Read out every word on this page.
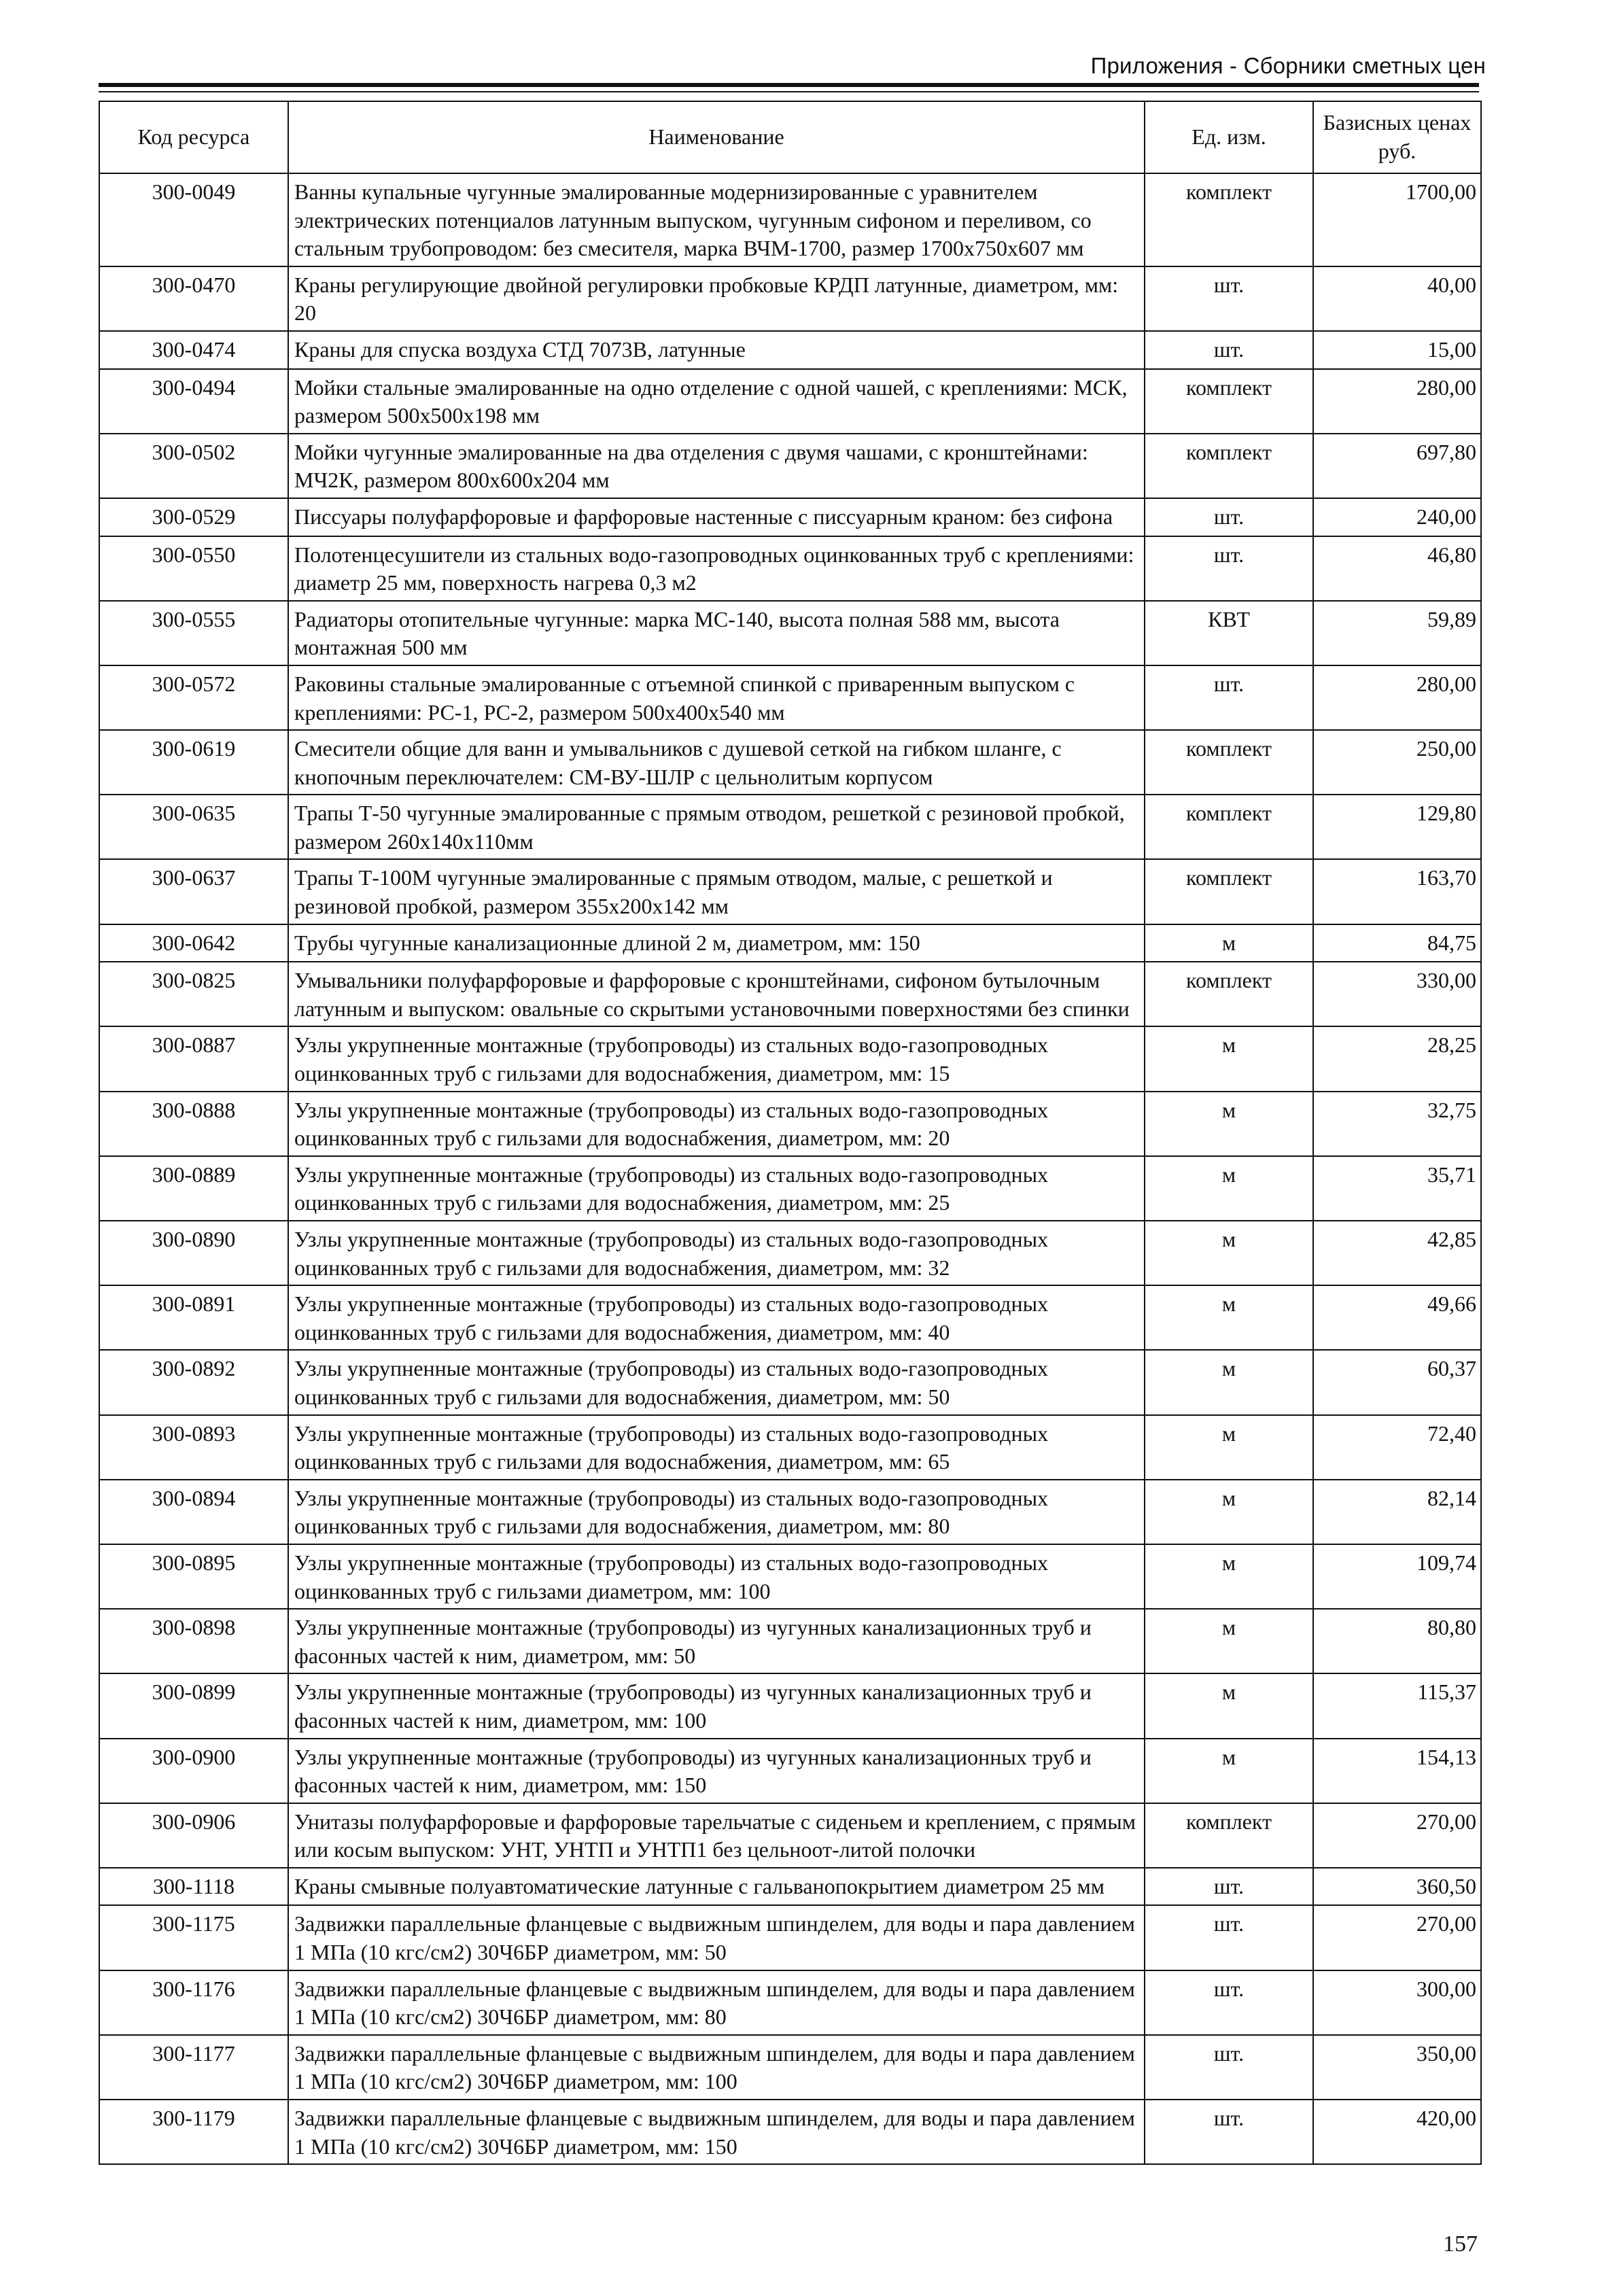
Приложения - Сборники сметных цен
Код ресурса	Наименование	Ед. изм.	Базисных ценах руб.
300-0049	Ванны купальные чугунные эмалированные модернизированные с уравнителем электрических потенциалов латунным выпуском, чугунным сифоном и переливом, со стальным трубопроводом: без смесителя, марка ВЧМ-1700, размер 1700х750х607 мм	комплект	1700,00
300-0470	Краны регулирующие двойной регулировки пробковые КРДП латунные, диаметром, мм: 20	шт.	40,00
300-0474	Краны для спуска воздуха СТД 7073В, латунные	шт.	15,00
300-0494	Мойки стальные эмалированные на одно отделение с одной чашей, с креплениями: МСК, размером 500х500х198 мм	комплект	280,00
300-0502	Мойки чугунные эмалированные на два отделения с двумя чашами, с кронштейнами: МЧ2К, размером 800х600х204 мм	комплект	697,80
300-0529	Писсуары полуфарфоровые и фарфоровые настенные с писсуарным краном: без сифона	шт.	240,00
300-0550	Полотенцесушители из стальных водо-газопроводных оцинкованных труб с креплениями: диаметр 25 мм, поверхность нагрева 0,3 м2	шт.	46,80
300-0555	Радиаторы отопительные чугунные: марка МС-140, высота полная 588 мм, высота монтажная 500 мм	КВТ	59,89
300-0572	Раковины стальные эмалированные с отъемной спинкой с приваренным выпуском с креплениями: РС-1, РС-2, размером 500х400х540 мм	шт.	280,00
300-0619	Смесители общие для ванн и умывальников с душевой сеткой на гибком шланге, с кнопочным переключателем: СМ-ВУ-ШЛР с цельнолитым корпусом	комплект	250,00
300-0635	Трапы Т-50 чугунные эмалированные с прямым отводом, решеткой с резиновой пробкой, размером 260х140х110мм	комплект	129,80
300-0637	Трапы Т-100М чугунные эмалированные с прямым отводом, малые, с решеткой и резиновой пробкой, размером 355х200х142 мм	комплект	163,70
300-0642	Трубы чугунные канализационные длиной 2 м, диаметром, мм: 150	м	84,75
300-0825	Умывальники полуфарфоровые и фарфоровые с кронштейнами, сифоном бутылочным латунным и выпуском: овальные со скрытыми установочными поверхностями без спинки	комплект	330,00
300-0887	Узлы укрупненные монтажные (трубопроводы) из стальных водо-газопроводных оцинкованных труб с гильзами для водоснабжения, диаметром, мм: 15	м	28,25
300-0888	Узлы укрупненные монтажные (трубопроводы) из стальных водо-газопроводных оцинкованных труб с гильзами для водоснабжения, диаметром, мм: 20	м	32,75
300-0889	Узлы укрупненные монтажные (трубопроводы) из стальных водо-газопроводных оцинкованных труб с гильзами для водоснабжения, диаметром, мм: 25	м	35,71
300-0890	Узлы укрупненные монтажные (трубопроводы) из стальных водо-газопроводных оцинкованных труб с гильзами для водоснабжения, диаметром, мм: 32	м	42,85
300-0891	Узлы укрупненные монтажные (трубопроводы) из стальных водо-газопроводных оцинкованных труб с гильзами для водоснабжения, диаметром, мм: 40	м	49,66
300-0892	Узлы укрупненные монтажные (трубопроводы) из стальных водо-газопроводных оцинкованных труб с гильзами для водоснабжения, диаметром, мм: 50	м	60,37
300-0893	Узлы укрупненные монтажные (трубопроводы) из стальных водо-газопроводных оцинкованных труб с гильзами для водоснабжения, диаметром, мм: 65	м	72,40
300-0894	Узлы укрупненные монтажные (трубопроводы) из стальных водо-газопроводных оцинкованных труб с гильзами для водоснабжения, диаметром, мм: 80	м	82,14
300-0895	Узлы укрупненные монтажные (трубопроводы) из стальных водо-газопроводных оцинкованных труб с гильзами диаметром, мм: 100	м	109,74
300-0898	Узлы укрупненные монтажные (трубопроводы) из чугунных канализационных труб и фасонных частей к ним, диаметром, мм: 50	м	80,80
300-0899	Узлы укрупненные монтажные (трубопроводы) из чугунных канализационных труб и фасонных частей к ним, диаметром, мм: 100	м	115,37
300-0900	Узлы укрупненные монтажные (трубопроводы) из чугунных канализационных труб и фасонных частей к ним, диаметром, мм: 150	м	154,13
300-0906	Унитазы полуфарфоровые и фарфоровые тарельчатые с сиденьем и креплением, с прямым или косым выпуском: УНТ, УНТП и УНТП1 без цельноот-литой полочки	комплект	270,00
300-1118	Краны смывные полуавтоматические латунные с гальванопокрытием диаметром 25 мм	шт.	360,50
300-1175	Задвижки параллельные фланцевые с выдвижным шпинделем, для воды и пара давлением 1 МПа (10 кгс/см2) 30Ч6БР диаметром, мм: 50	шт.	270,00
300-1176	Задвижки параллельные фланцевые с выдвижным шпинделем, для воды и пара давлением 1 МПа (10 кгс/см2) 30Ч6БР диаметром, мм: 80	шт.	300,00
300-1177	Задвижки параллельные фланцевые с выдвижным шпинделем, для воды и пара давлением 1 МПа (10 кгс/см2) 30Ч6БР диаметром, мм: 100	шт.	350,00
300-1179	Задвижки параллельные фланцевые с выдвижным шпинделем, для воды и пара давлением 1 МПа (10 кгс/см2) 30Ч6БР диаметром, мм: 150	шт.	420,00
157
